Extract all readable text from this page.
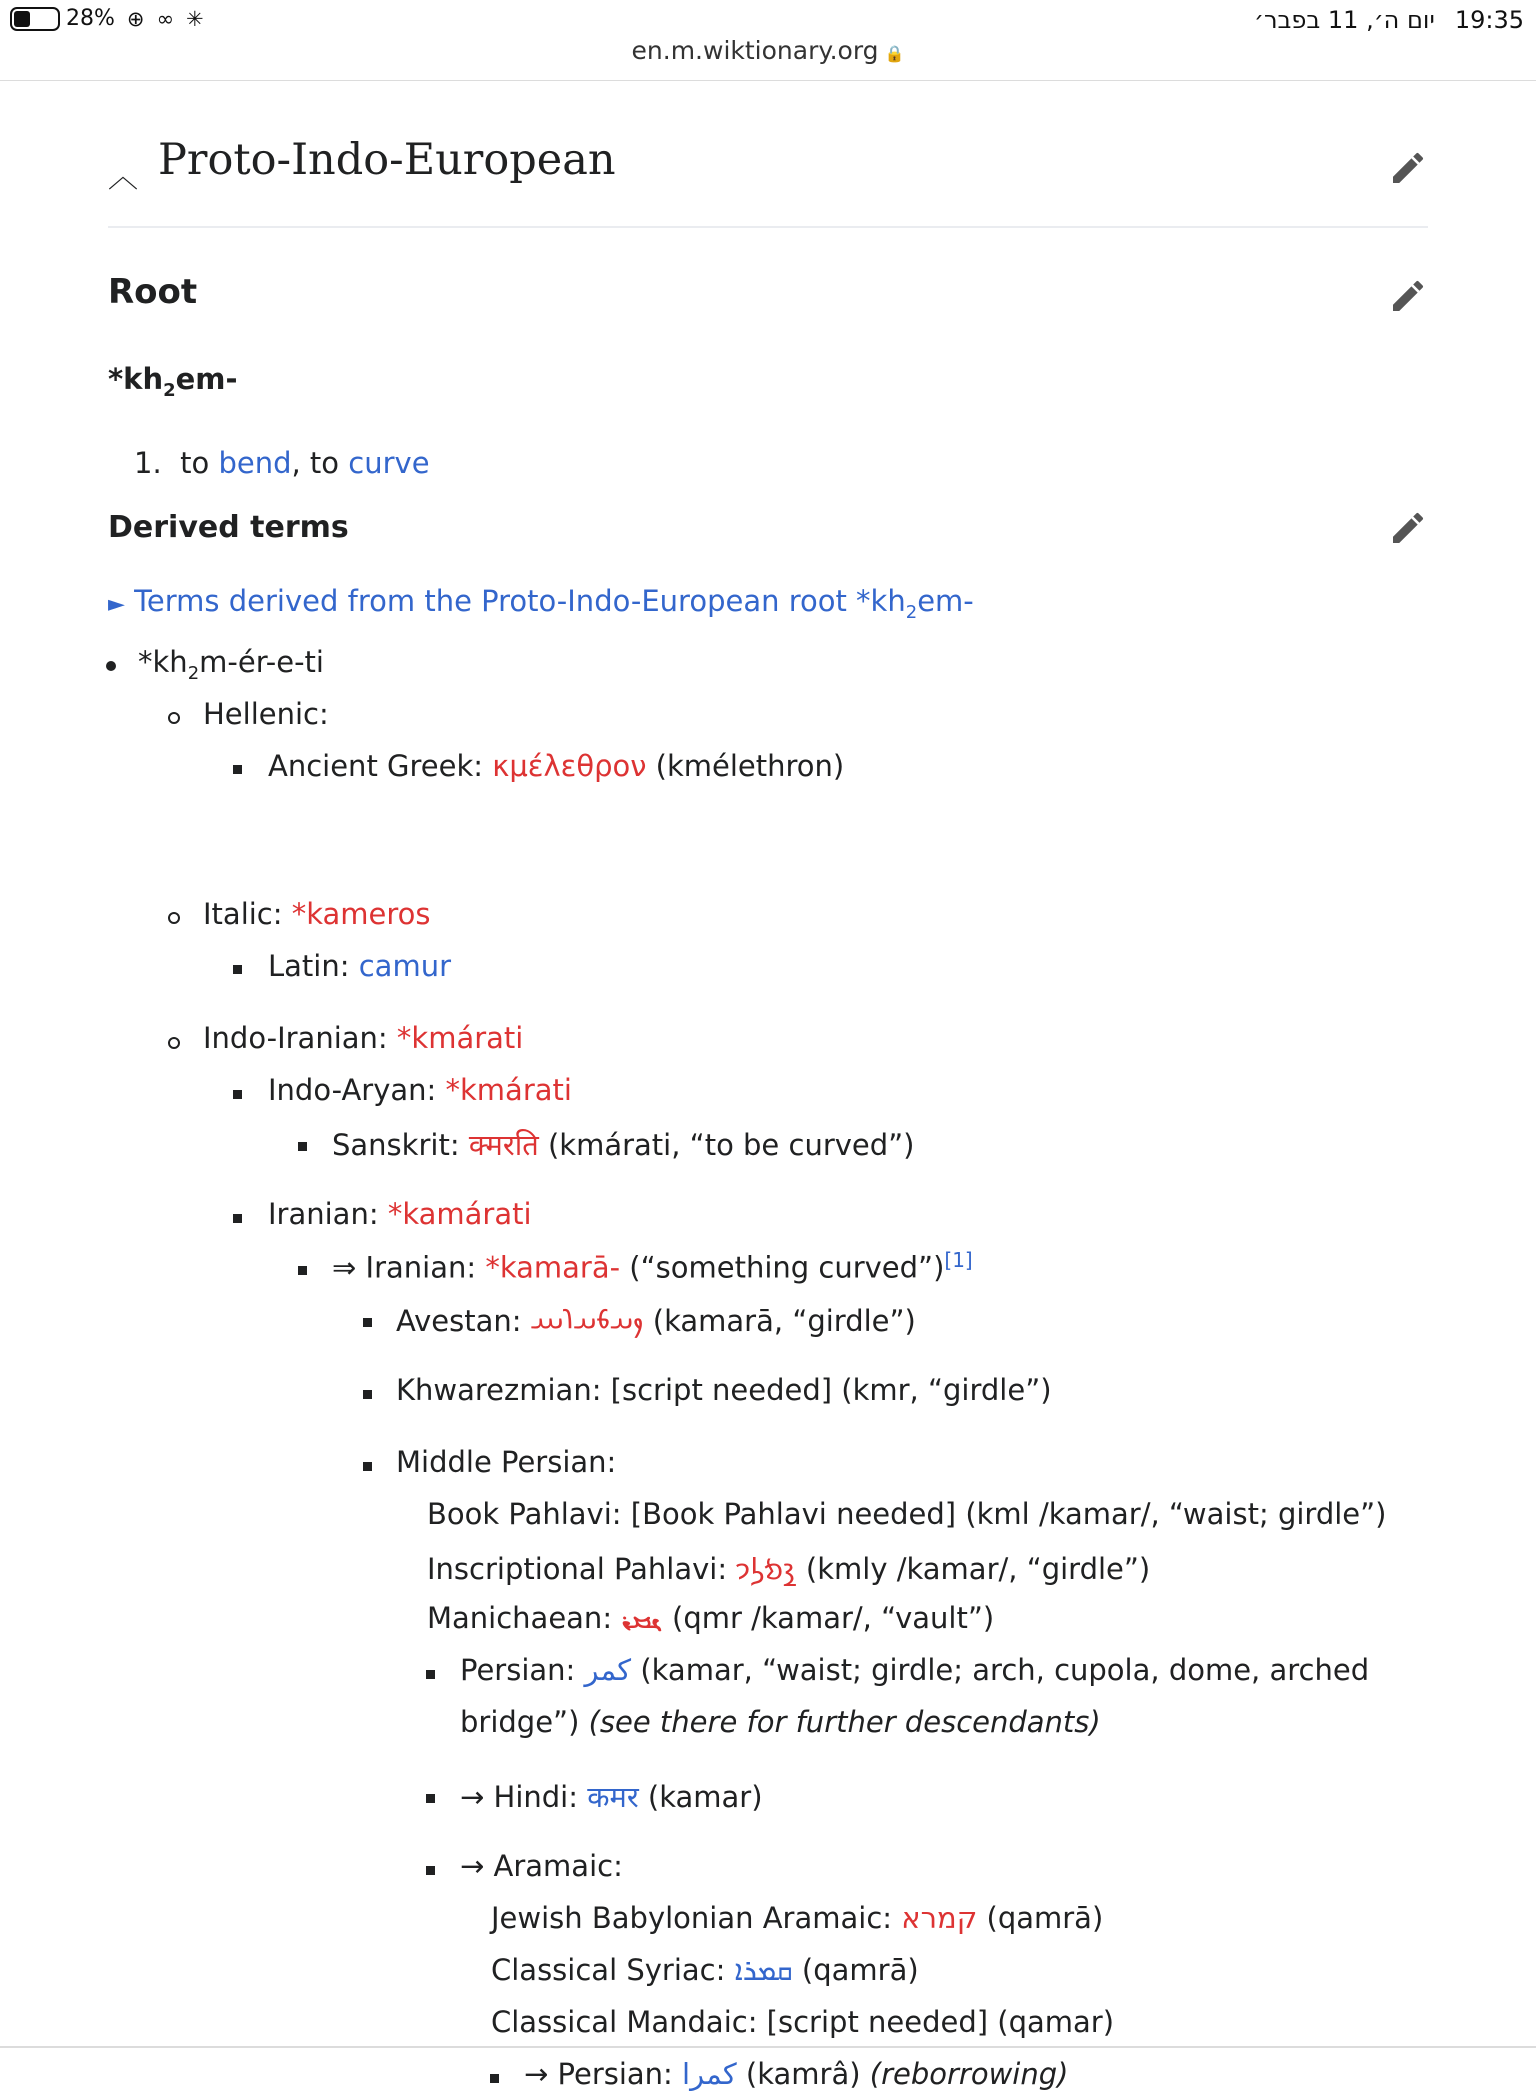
28% ⊕ ∞ ✳	יום ה׳, 11 בפבר׳ 19:35
en.m.wiktionary.org 🔒
︿ Proto-Indo-European
Root
$*kh_2em-$
1. to bend, to curve
Derived terms
► Terms derived from the Proto-Indo-European root $*kh_2em-$
$*kh_2m-ér-e-ti$
Hellenic:
Ancient Greek: κμέλεθρον (kmélethron)
Italic: *kameros
Latin: camur
Indo-Iranian: *kmárati
Indo-Aryan: *kmárati
Sanskrit: क्मरति (kmárati, “to be curved”)
Iranian: *kamárati
⇒ Iranian: *kamarā- (“something curved”)[1]
Avestan: 𐬐𐬀𐬨𐬀𐬭𐬁 (kamarā, “girdle”)
Khwarezmian: [script needed] (kmr, “girdle”)
Middle Persian:
Book Pahlavi: [Book Pahlavi needed] (kml /kamar/, “waist; girdle”)
Inscriptional Pahlavi: 𐭪𐭬𐭫𐭩 (kmly /kamar/, “girdle”)
Manichaean: 𐫗𐫖𐫡 (qmr /kamar/, “vault”)
Persian: کمر (kamar, “waist; girdle; arch, cupola, dome, arched
bridge”) (see there for further descendants)
→ Hindi: कमर (kamar)
→ Aramaic:
Jewish Babylonian Aramaic: קמרא (qamrā)
Classical Syriac: ܩܡܪܐ (qamrā)
Classical Mandaic: [script needed] (qamar)
→ Persian: کمرا (kamrâ) (reborrowing)
